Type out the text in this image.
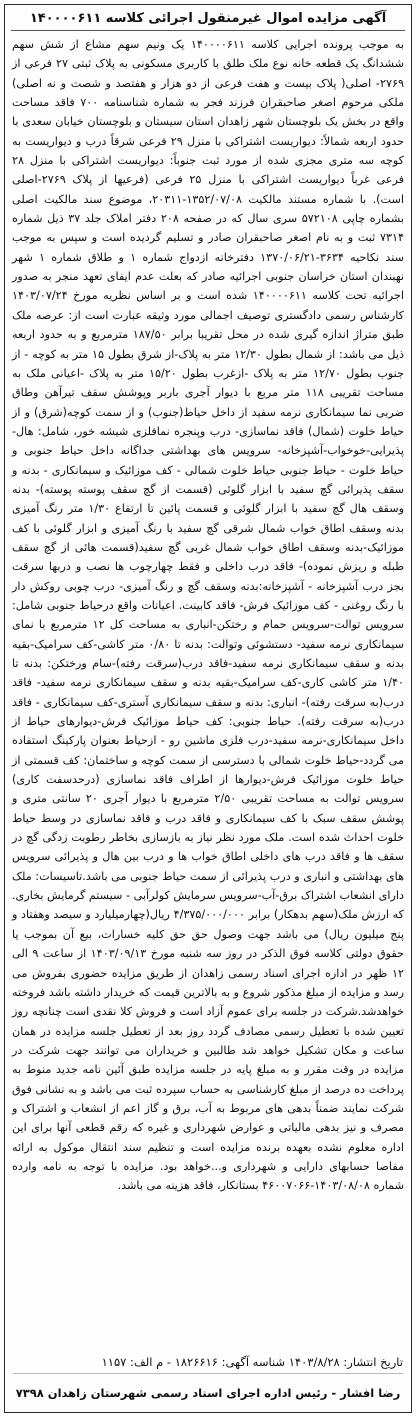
آگهی مزایده اموال غیرمنقول اجرائی کلاسه ۱۴۰۰۰۰۶۱۱
به موجب پرونده اجرایی کلاسه ۱۴۰۰۰۰۶۱۱ یک ونیم سهم مشاع از شش سهم ششدانگ یک قطعه خانه نوع ملک طلق با کاربری مسکونی به پلاک ثبتی ۲۷ فرعی از ۲۷۶۹- اصلی( پلاک بیست و هفت فرعی از دو هزار و هفتصد و شصت و نه اصلی) ملکی مرحوم اصغر صاحبقران فرزند فجر به شماره شناسنامه ۷۰۰ فاقد مساحت واقع در بخش یک بلوچستان شهر زاهدان استان سیستان و بلوچستان خیابان سعدی با حدود اربعه شمالاً: دیواریست اشتراکی با منزل ۲۹ فرعی شرقاً درب و دیواریست به کوچه سه متری مجزی شده از مورد ثبت جنوباً: دیواریست اشتراکی با منزل ۲۸ فرعی غرباً دیواریست اشتراکی با منزل ۲۵ فرعی (فرعیها از پلاک ۲۷۶۹-اصلی است). با شماره مستند مالکیت ۱۳۵۲/۰۷/۰۸-۲۰۳۱۱، موضوع سند مالکیت اصلی بشماره چاپی ۵۷۲۱۰۸ سری سال که در صفحه ۲۰۸ دفتر املاک جلد ۳۷ ذیل شماره ۷۳۱۴ ثبت و به نام اصغر صاحبقران صادر و تسلیم گردیده است و سپس به موجب سند نکاحیه ۳۶۳۴-۱۳۷۰/۰۶/۲۱ دفترخانه ازدواج شماره ۱ و طلاق شماره ۱ شهر نهبندان استان خراسان جنوبی اجرائیه صادر که بعلت عدم ایفای تعهد منجر به صدور اجرائیه تحت کلاسه ۱۴۰۰۰۰۶۱۱ شده است و بر اساس نظریه مورخ ۱۴۰۳/۰۷/۲۴ کارشناس رسمی دادگستری توصیف اجمالی مورد وثیقه عبارت است از: عرصه ملک طبق متراژ اندازه گیری شده در محل تقریبا برابر ۱۸۷/۵۰ مترمربع و به حدود اربعه ذیل می باشد: از شمال بطول ۱۲/۳۰ متر به پلاک-از شرق بطول ۱۵ متر به کوچه - از جنوب بطول ۱۲/۷۰ متر به پلاک -ازغرب بطول ۱۵/۲۰ متر به پلاک -اعیانی ملک به مساحت تقریبی ۱۱۸ متر مربع با دیوار آجری باربر وپوشش سقف تیرآهن وطاق ضربی نما سیمانکاری نرمه سفید از داخل حیاط(جنوب) و از سمت کوچه(شرق) و از حیاط خلوت (شمال) فاقد نماسازی- درب وپنجره نمافلزی شیشه خور، شامل: هال-پذیرایی-خوخواب-آشپزخانه- سرویس های بهداشتی جداگانه داخل حیاط جنوبی و حیاط خلوت - حیاط جنوبی حیاط خلوت شمالی - کف موزائیک و سیمانکاری - بدنه و سقف پذیرائی گچ سفید با ابزار گلوئی (قسمت از گچ سقف پوسته پوسته)- بدنه وسقف هال گچ سفید با ابزار گلوئی و قسمت پائین تا ارتفاع ۱/۳۰ متر رنگ آمیزی بدنه وسقف اطاق خواب شمال شرقی گچ سفید با رنگ آمیزی و ابزار گلوئی با کف موزائیک-بدنه وسقف اطاق خواب شمال غربی گچ سفید(قسمت هائی از گچ سقف طبله و ریزش نموده)- فاقد درب داخلی و فقط چهارچوب ها نصب و دربها سرقت بجز درب آشپزخانه - آشپزخانه:بدنه وسقف گچ و رنگ آمیزی- درب چوبی روکش دار با رنگ روغنی - کف موزائیک فرش- فاقد کابینت. اعیانات واقع درحیاط جنوبی شامل: سرویس توالت-سرویس حمام و رختکن-انباری به مساحت کل ۱۲ مترمربع با نمای سیمانکاری نرمه سفید- دستشوئی وتوالت: بدنه تا ۰/۸۰ متر کاشی-کف سرامیک-بقیه بدنه و سقف سیمانکاری نرمه سفید-فاقد درب(سرقت رفته)-سام ورختکن: بدنه تا ۱/۴۰ متر کاشی کاری-کف سرامیک-بقیه بدنه و سقف سیمانکاری نرمه سفید- فاقد درب(به سرقت رفته)- انباری: بدنه و سقف سیمانکاری آستری-کف سیمانکاری - فاقد درب(به سرقت رفته). حیاط جنوبی: کف حیاط موزائیک فرش-دیوارهای حیاط از داخل سیمانکاری-نرمه سفید-درب فلزی ماشین رو - ازحیاط بعنوان پارکینگ استفاده می گردد-حیاط خلوت شمالی با دسترسی از سمت کوچه و ساختمان: کف قسمتی از حیاط خلوت موزائیک فرش-دیوارها از اطراف فاقد نماسازی (درحدسفت کاری) سرویس توالت به مساحت تقریبی ۲/۵۰ مترمربع با دیوار آجری ۲۰ سانتی متری و پوشش سقف سبک با کف سیمانکاری و فاقد درب و فاقد نماسازی در وسط حیاط خلوت احداث شده است. ملک مورد نظر نیاز به بازسازی بخاطر رطوبت زدگی گچ در سقف ها و فاقد درب های داخلی اطاق خواب ها و درب بین هال و پذیرائی سرویس های بهداشتی و انباری و درب پذیرائی از سمت حیاط جنوبی می باشد.تاسیسات: ملک دارای انشعاب اشتراک برق-آب-سرویس سرمایش کولرآبی - سیستم گرمایش بخاری. که ارزش ملک(سهم بدهکار) برابر ۴/۳۷۵/۰۰۰/۰۰۰ ریال(چهارمیلیارد و سیصد وهفتاد و پنج میلیون ریال) می باشد جهت وصول حق حق کلیه خسارات، بیع آن بموجب یا حقوق دولتی کلاسه فوق الذکر در روز سه شنبه مورخ ۱۴۰۳/۰۹/۱۳ از ساعت ۹ الی ۱۲ ظهر در اداره اجرای اسناد رسمی زاهدان از طریق مزایده حضوری بفروش می رسد و مزایده از مبلغ مذکور شروع و به بالاترین قیمت که خریدار داشته باشد فروخته خواهدشد.شرکت در جلسه برای عموم آزاد است و فروش کلا نقدی است چنانچه روز تعیین شده با تعطیل رسمی مصادف گردد روز بعد از تعطیل جلسه مزایده در همان ساعت و مکان تشکیل خواهد شد طالبین و خریداران می توانند جهت شرکت در مزایده در وقت مقرر و به مبلغ پایه در جلسه مزایده طبق آئین نامه جدید منوط به پرداخت ده درصد از مبلغ کارشناسی به حساب سپرده ثبت می باشد و به نشانی فوق شرکت نمایند ضمناً بدهی های مربوط به آب، برق و گاز اعم از انشعاب و اشتراک و مصرف و نیز بدهی مالیاتی و عوارض شهرداری و غیره که رقم قطعی آنها برای این اداره معلوم نشده بعهده برنده مزایده است و تنظیم سند انتقال موکول به ارائه مفاصا حسابهای دارایی و شهرداری و...خواهد بود. مزایده با توجه به نامه وارده شماره ۱۴۰۳/۰۸/۰۸-۴۶۰۰۷۰۶۶ بستانکار، فاقد هزینه می باشد.
تاریخ انتشار: ۱۴۰۳/۸/۲۸ شناسه آگهی: ۱۸۲۶۶۱۶ - م الف: ۱۱۵۷
رضا افشار - رئیس اداره اجرای اسناد رسمی شهرستان زاهدان ۷۳۹۸
